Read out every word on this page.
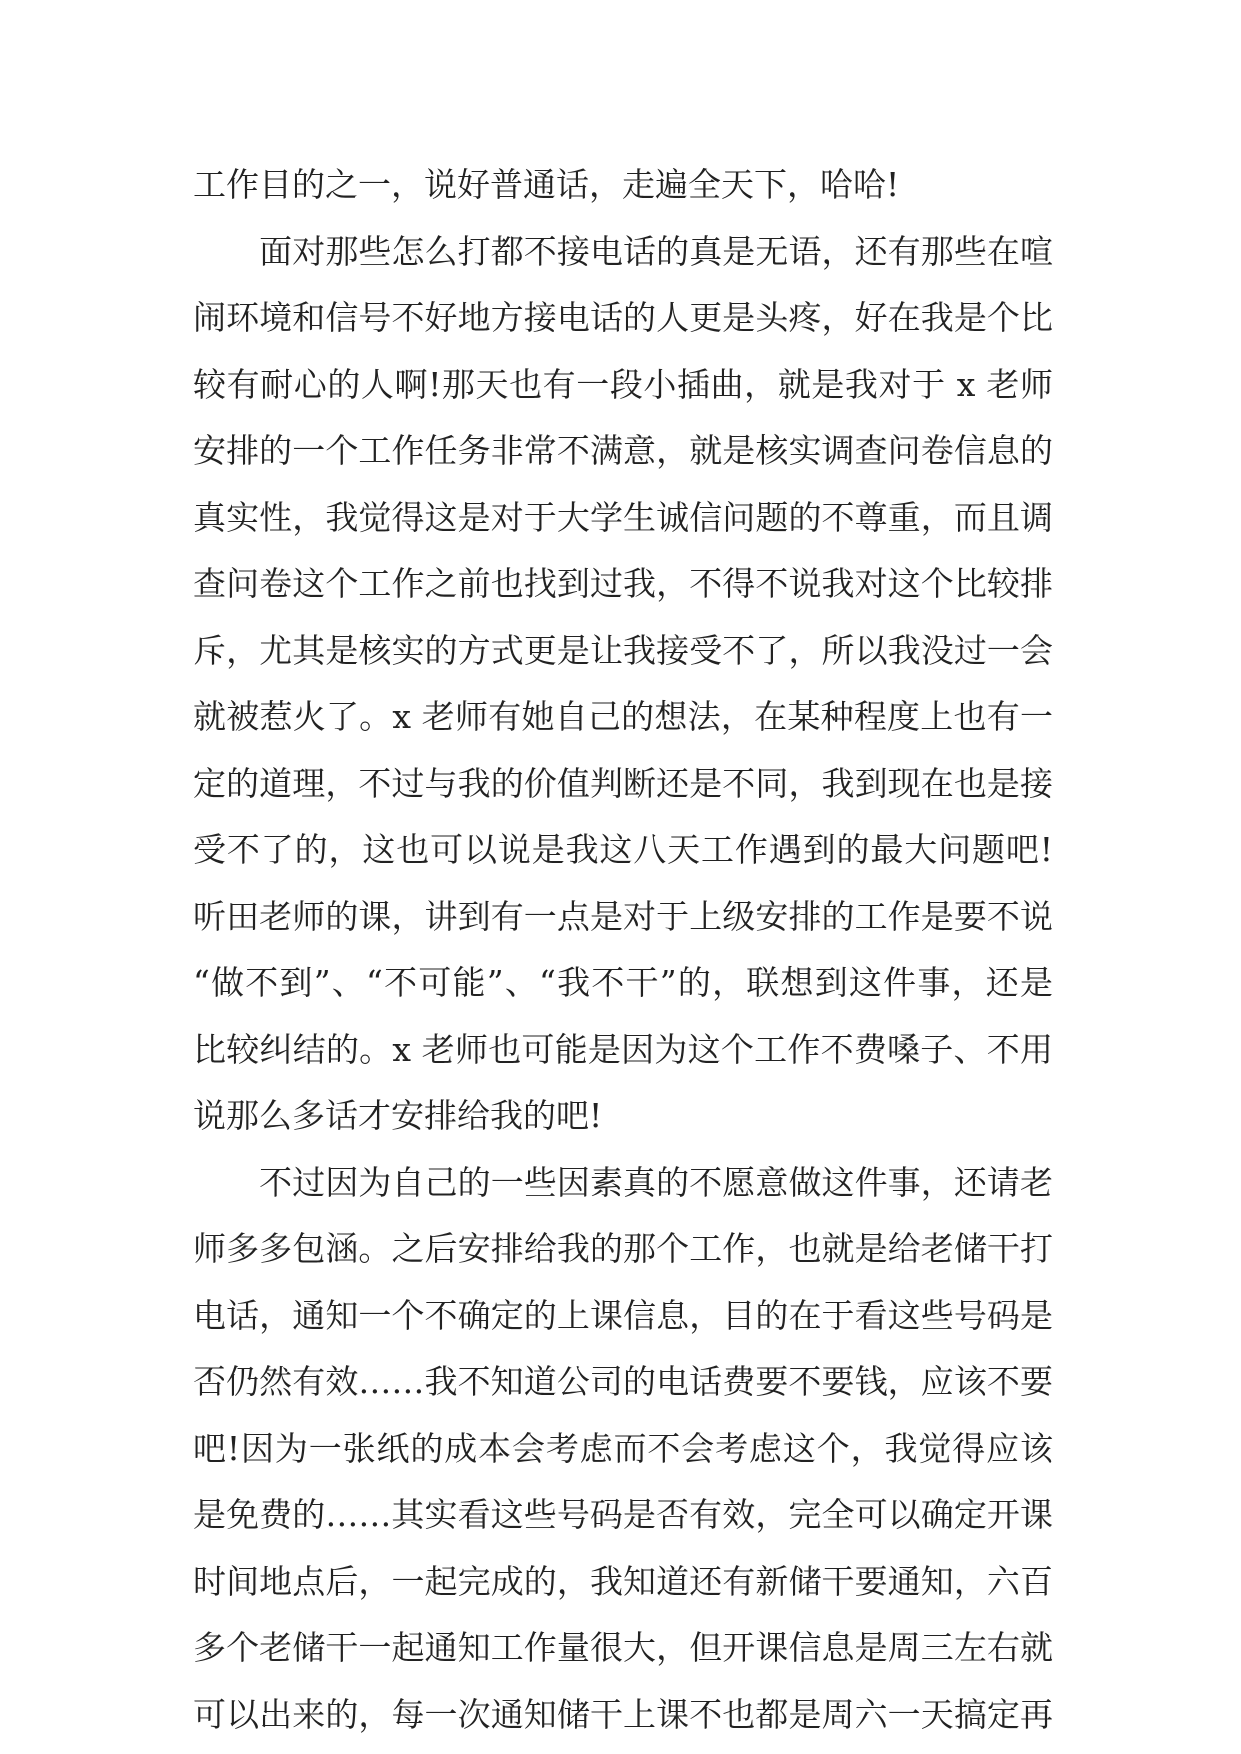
工作目的之一，说好普通话，走遍全天下，哈哈!
　　面对那些怎么打都不接电话的真是无语，还有那些在喧
闹环境和信号不好地方接电话的人更是头疼，好在我是个比
较有耐心的人啊!那天也有一段小插曲，就是我对于 x 老师
安排的一个工作任务非常不满意，就是核实调查问卷信息的
真实性，我觉得这是对于大学生诚信问题的不尊重，而且调
查问卷这个工作之前也找到过我，不得不说我对这个比较排
斥，尤其是核实的方式更是让我接受不了，所以我没过一会
就被惹火了。x 老师有她自己的想法，在某种程度上也有一
定的道理，不过与我的价值判断还是不同，我到现在也是接
受不了的，这也可以说是我这八天工作遇到的最大问题吧!
听田老师的课，讲到有一点是对于上级安排的工作是要不说
“做不到”、“不可能”、“我不干”的，联想到这件事，还是
比较纠结的。x 老师也可能是因为这个工作不费嗓子、不用
说那么多话才安排给我的吧!
　　不过因为自己的一些因素真的不愿意做这件事，还请老
师多多包涵。之后安排给我的那个工作，也就是给老储干打
电话，通知一个不确定的上课信息，目的在于看这些号码是
否仍然有效……我不知道公司的电话费要不要钱，应该不要
吧!因为一张纸的成本会考虑而不会考虑这个，我觉得应该
是免费的……其实看这些号码是否有效，完全可以确定开课
时间地点后，一起完成的，我知道还有新储干要通知，六百
多个老储干一起通知工作量很大，但开课信息是周三左右就
可以出来的，每一次通知储干上课不也都是周六一天搞定再
